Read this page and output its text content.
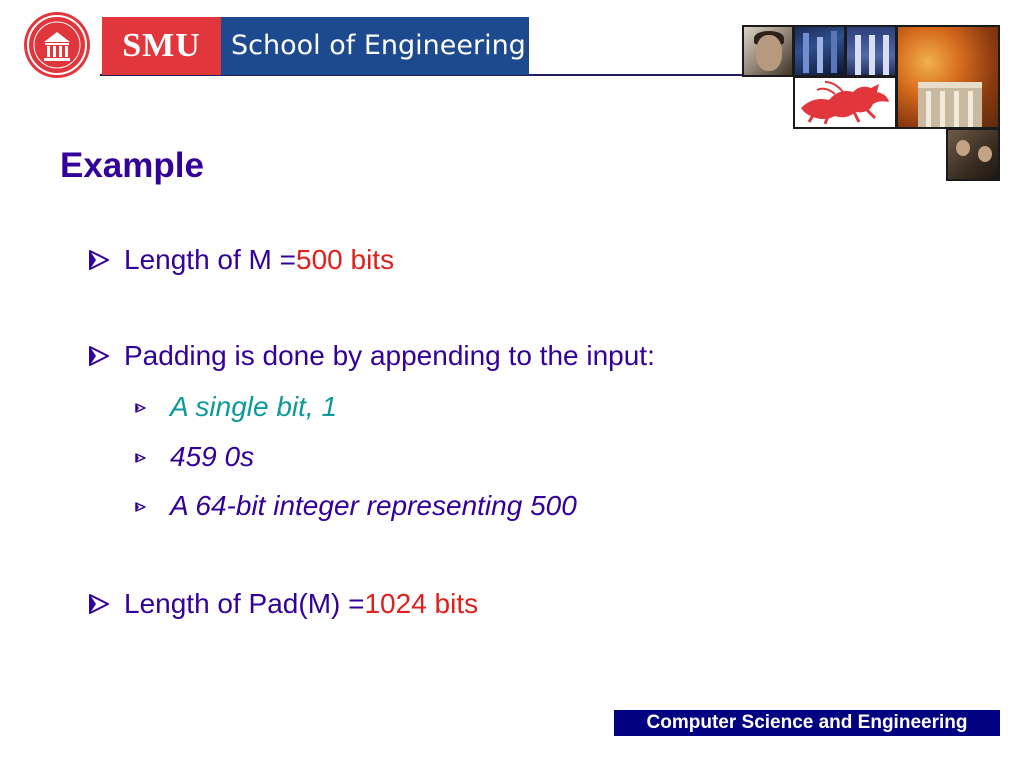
SMU	School of Engineering
Example
Length of M = 500 bits
Padding is done by appending to the input:
A single bit, 1
459 0s
A 64-bit integer representing 500
Length of Pad(M) = 1024 bits
Computer Science and Engineering
